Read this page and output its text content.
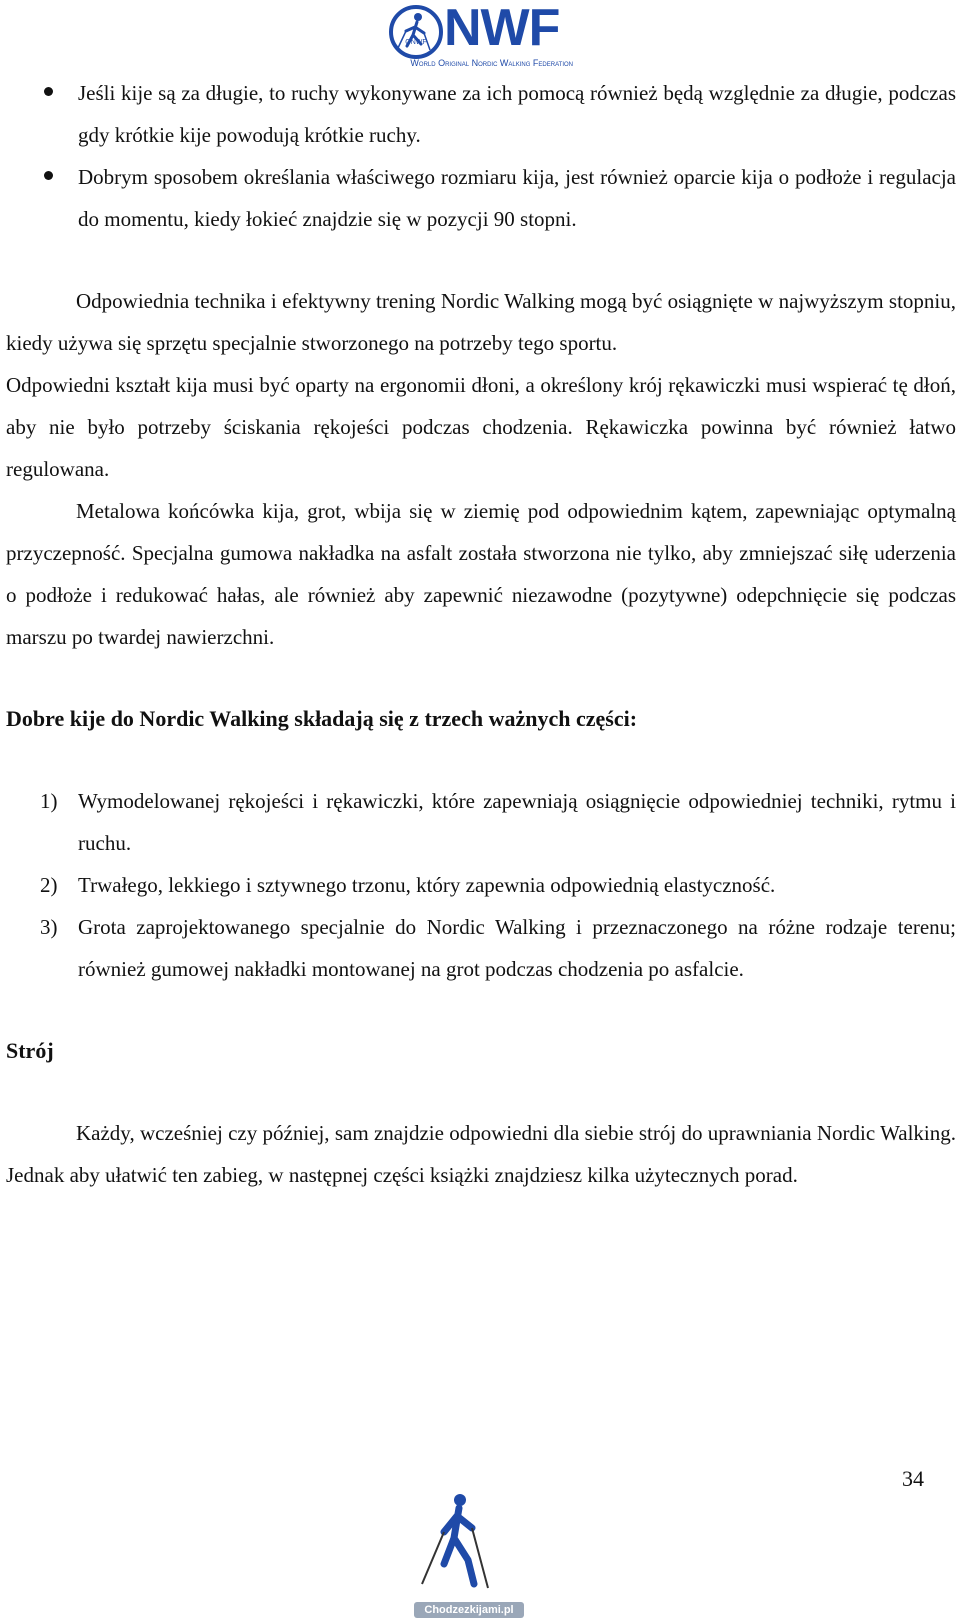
ONWF NWF
World Original Nordic Walking Federation
Jeśli kije są za długie, to ruchy wykonywane za ich pomocą również będą względnie za długie, podczas gdy krótkie kije powodują krótkie ruchy.
Dobrym sposobem określania właściwego rozmiaru kija, jest również oparcie kija o podłoże i regulacja do momentu, kiedy łokieć znajdzie się w pozycji 90 stopni.

Odpowiednia technika i efektywny trening Nordic Walking mogą być osiągnięte w najwyższym stopniu, kiedy używa się sprzętu specjalnie stworzonego na potrzeby tego sportu.

Odpowiedni kształt kija musi być oparty na ergonomii dłoni, a określony krój rękawiczki musi wspierać tę dłoń, aby nie było potrzeby ściskania rękojeści podczas chodzenia. Rękawiczka powinna być również łatwo regulowana.

Metalowa końcówka kija, grot, wbija się w ziemię pod odpowiednim kątem, zapewniając optymalną przyczepność. Specjalna gumowa nakładka na asfalt została stworzona nie tylko, aby zmniejszać siłę uderzenia o podłoże i redukować hałas, ale również aby zapewnić niezawodne (pozytywne) odepchnięcie się podczas marszu po twardej nawierzchni.

Dobre kije do Nordic Walking składają się z trzech ważnych części:

1) Wymodelowanej rękojeści i rękawiczki, które zapewniają osiągnięcie odpowiedniej techniki, rytmu i ruchu.
2) Trwałego, lekkiego i sztywnego trzonu, który zapewnia odpowiednią elastyczność.
3) Grota zaprojektowanego specjalnie do Nordic Walking i przeznaczonego na różne rodzaje terenu; również gumowej nakładki montowanej na grot podczas chodzenia po asfalcie.

Strój

Każdy, wcześniej czy później, sam znajdzie odpowiedni dla siebie strój do uprawniania Nordic Walking. Jednak aby ułatwić ten zabieg, w następnej części książki znajdziesz kilka użytecznych porad.

34
Chodzezkijami.pl
